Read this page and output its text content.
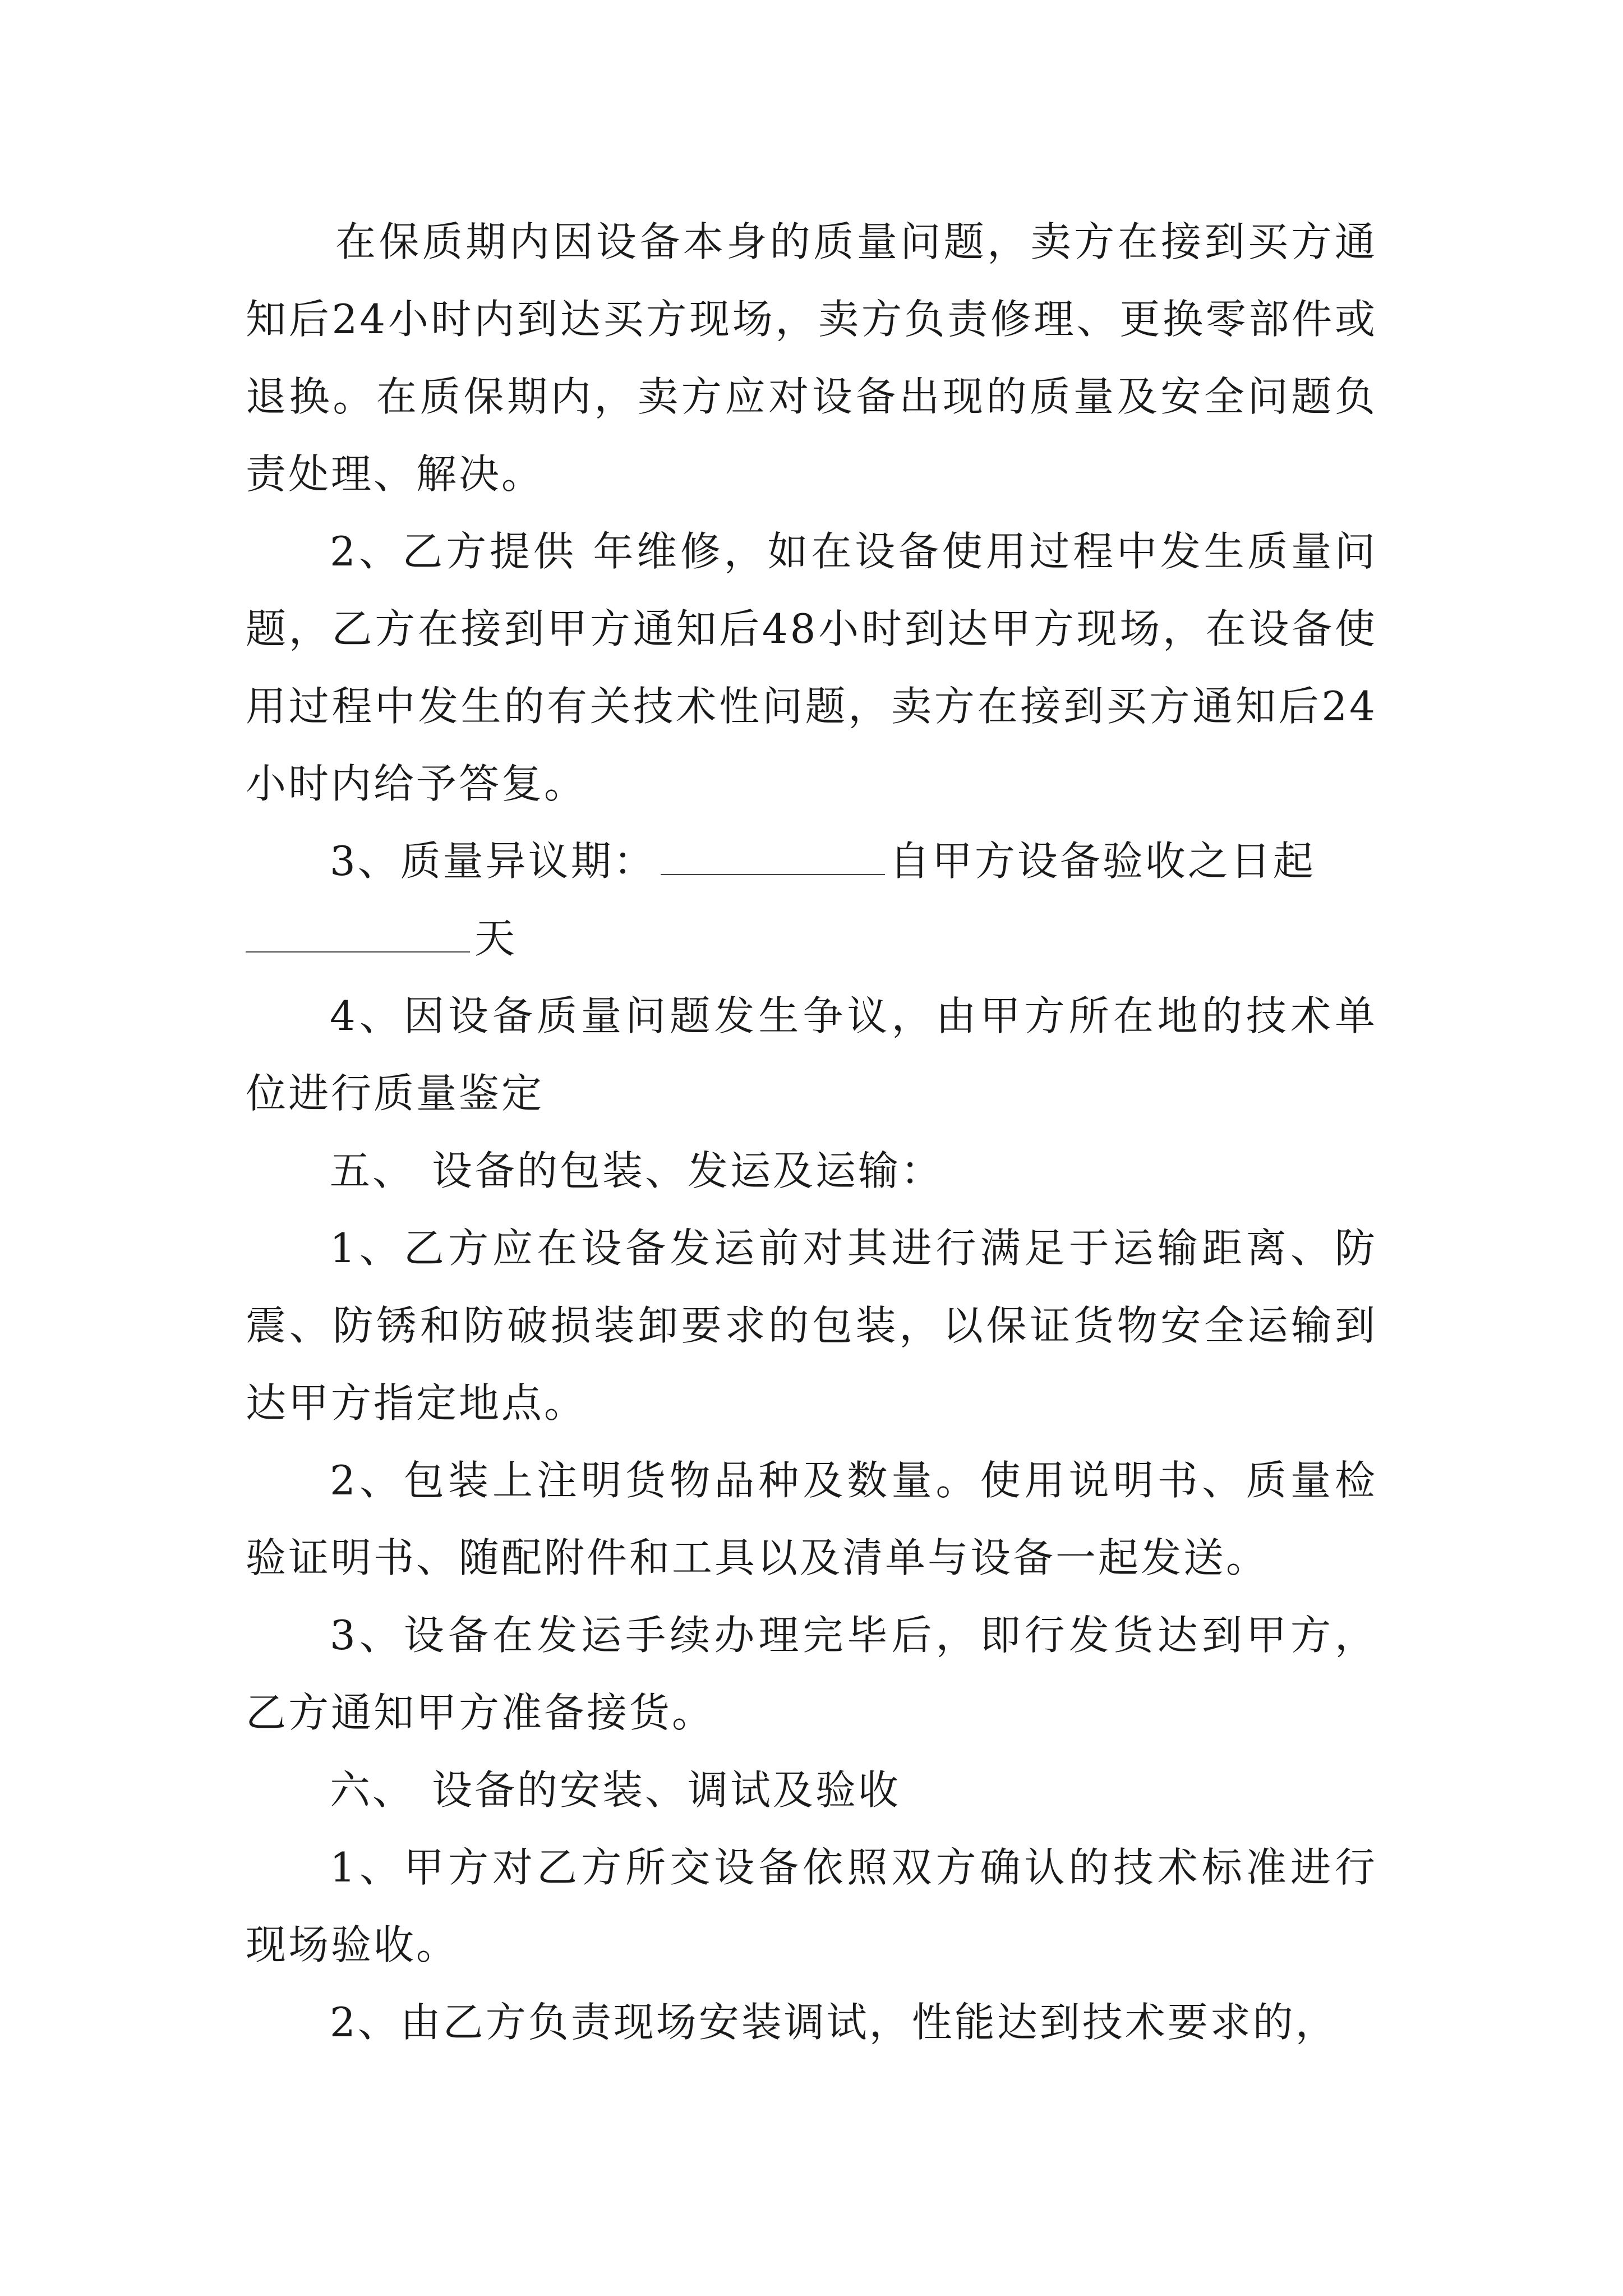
在保质期内因设备本身的质量问题，卖方在接到买方通知后24小时内到达买方现场，卖方负责修理、更换零部件或退换。在质保期内，卖方应对设备出现的质量及安全问题负责处理、解决。

2、乙方提供 年维修，如在设备使用过程中发生质量问题，乙方在接到甲方通知后48小时到达甲方现场，在设备使用过程中发生的有关技术性问题，卖方在接到买方通知后24小时内给予答复。

3、质量异议期：	自甲方设备验收之日起
天

4、因设备质量问题发生争议，由甲方所在地的技术单位进行质量鉴定

五、 设备的包装、发运及运输：

1、乙方应在设备发运前对其进行满足于运输距离、防震、防锈和防破损装卸要求的包装，以保证货物安全运输到达甲方指定地点。

2、包装上注明货物品种及数量。使用说明书、质量检验证明书、随配附件和工具以及清单与设备一起发送。

3、设备在发运手续办理完毕后，即行发货达到甲方，乙方通知甲方准备接货。

六、 设备的安装、调试及验收

1、甲方对乙方所交设备依照双方确认的技术标准进行现场验收。

2、由乙方负责现场安装调试，性能达到技术要求的，
